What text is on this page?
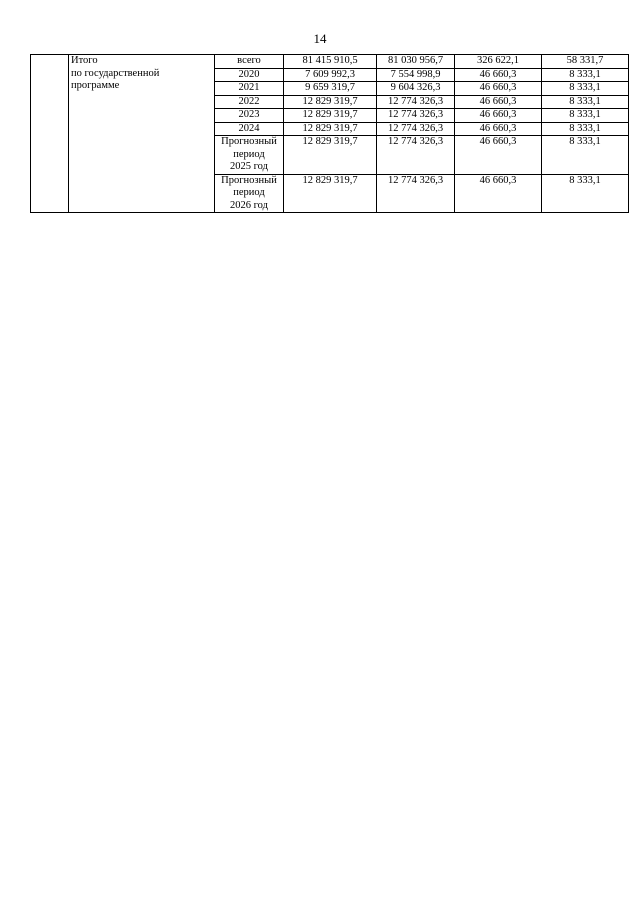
14
	Итого
по государственной
программе	всего	81 415 910,5	81 030 956,7	326 622,1	58 331,7
		2020	7 609 992,3	7 554 998,9	46 660,3	8 333,1
		2021	9 659 319,7	9 604 326,3	46 660,3	8 333,1
		2022	12 829 319,7	12 774 326,3	46 660,3	8 333,1
		2023	12 829 319,7	12 774 326,3	46 660,3	8 333,1
		2024	12 829 319,7	12 774 326,3	46 660,3	8 333,1
		Прогнозный
период
2025 год	12 829 319,7	12 774 326,3	46 660,3	8 333,1
		Прогнозный
период
2026 год	12 829 319,7	12 774 326,3	46 660,3	8 333,1
